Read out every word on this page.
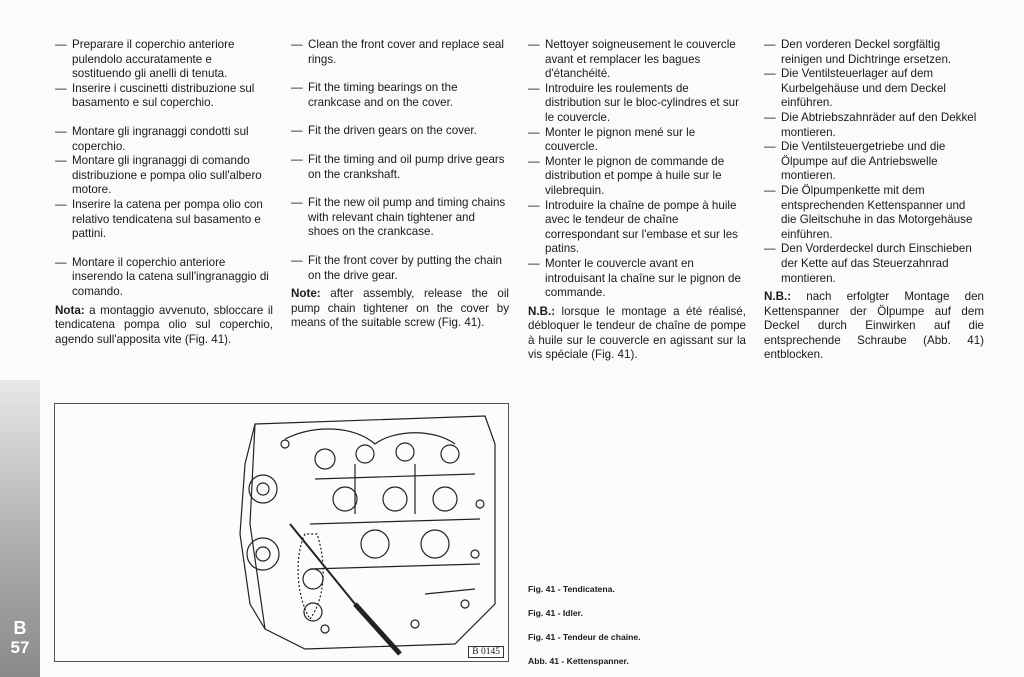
— Preparare il coperchio anteriore pulendolo accuratamente e sostituendo gli anelli di tenuta.

— Inserire i cuscinetti distribuzione sul basamento e sul coperchio.

— Montare gli ingranaggi condotti sul coperchio.

— Montare gli ingranaggi di comando distribuzione e pompa olio sull'albero motore.

— Inserire la catena per pompa olio con relativo tendicatena sul basamento e pattini.

— Montare il coperchio anteriore inserendo la catena sull'ingranaggio di comando.

Nota: a montaggio avvenuto, sbloccare il tendicatena pompa olio sul coperchio, agendo sull'apposita vite (Fig. 41).

— Clean the front cover and replace seal rings.

— Fit the timing bearings on the crankcase and on the cover.

— Fit the driven gears on the cover.

— Fit the timing and oil pump drive gears on the crankshaft.

— Fit the new oil pump and timing chains with relevant chain tightener and shoes on the crankcase.

— Fit the front cover by putting the chain on the drive gear.

Note: after assembly, release the oil pump chain tightener on the cover by means of the suitable screw (Fig. 41).

— Nettoyer soigneusement le couvercle avant et remplacer les bagues d'étanchéité.

— Introduire les roulements de distribution sur le bloc-cylindres et sur le couvercle.

— Monter le pignon mené sur le couvercle.

— Monter le pignon de commande de distribution et pompe à huile sur le vilebrequin.

— Introduire la chaîne de pompe à huile avec le tendeur de chaîne correspondant sur l'embase et sur les patins.

— Monter le couvercle avant en introduisant la chaîne sur le pignon de commande.

N.B.: lorsque le montage a été réalisé, débloquer le tendeur de chaîne de pompe à huile sur le couvercle en agissant sur la vis spéciale (Fig. 41).

— Den vorderen Deckel sorgfältig reinigen und Dichtringe ersetzen.

— Die Ventilsteuerlager auf dem Kurbelgehäuse und dem Deckel einführen.

— Die Abtriebszahnräder auf den Dekkel montieren.

— Die Ventilsteuergetriebe und die Ölpumpe auf die Antriebswelle montieren.

— Die Ölpumpenkette mit dem entsprechenden Kettenspanner und die Gleitschuhe in das Motorgehäuse einführen.

— Den Vorderdeckel durch Einschieben der Kette auf das Steuerzahnrad montieren.

N.B.: nach erfolgter Montage den Kettenspanner der Ölpumpe auf dem Deckel durch Einwirken auf die entsprechende Schraube (Abb. 41) entblocken.

B
57	B 0145
Fig. 41 - Tendicatena.
Fig. 41 - Idler.
Fig. 41 - Tendeur de chaine.
Abb. 41 - Kettenspanner.
